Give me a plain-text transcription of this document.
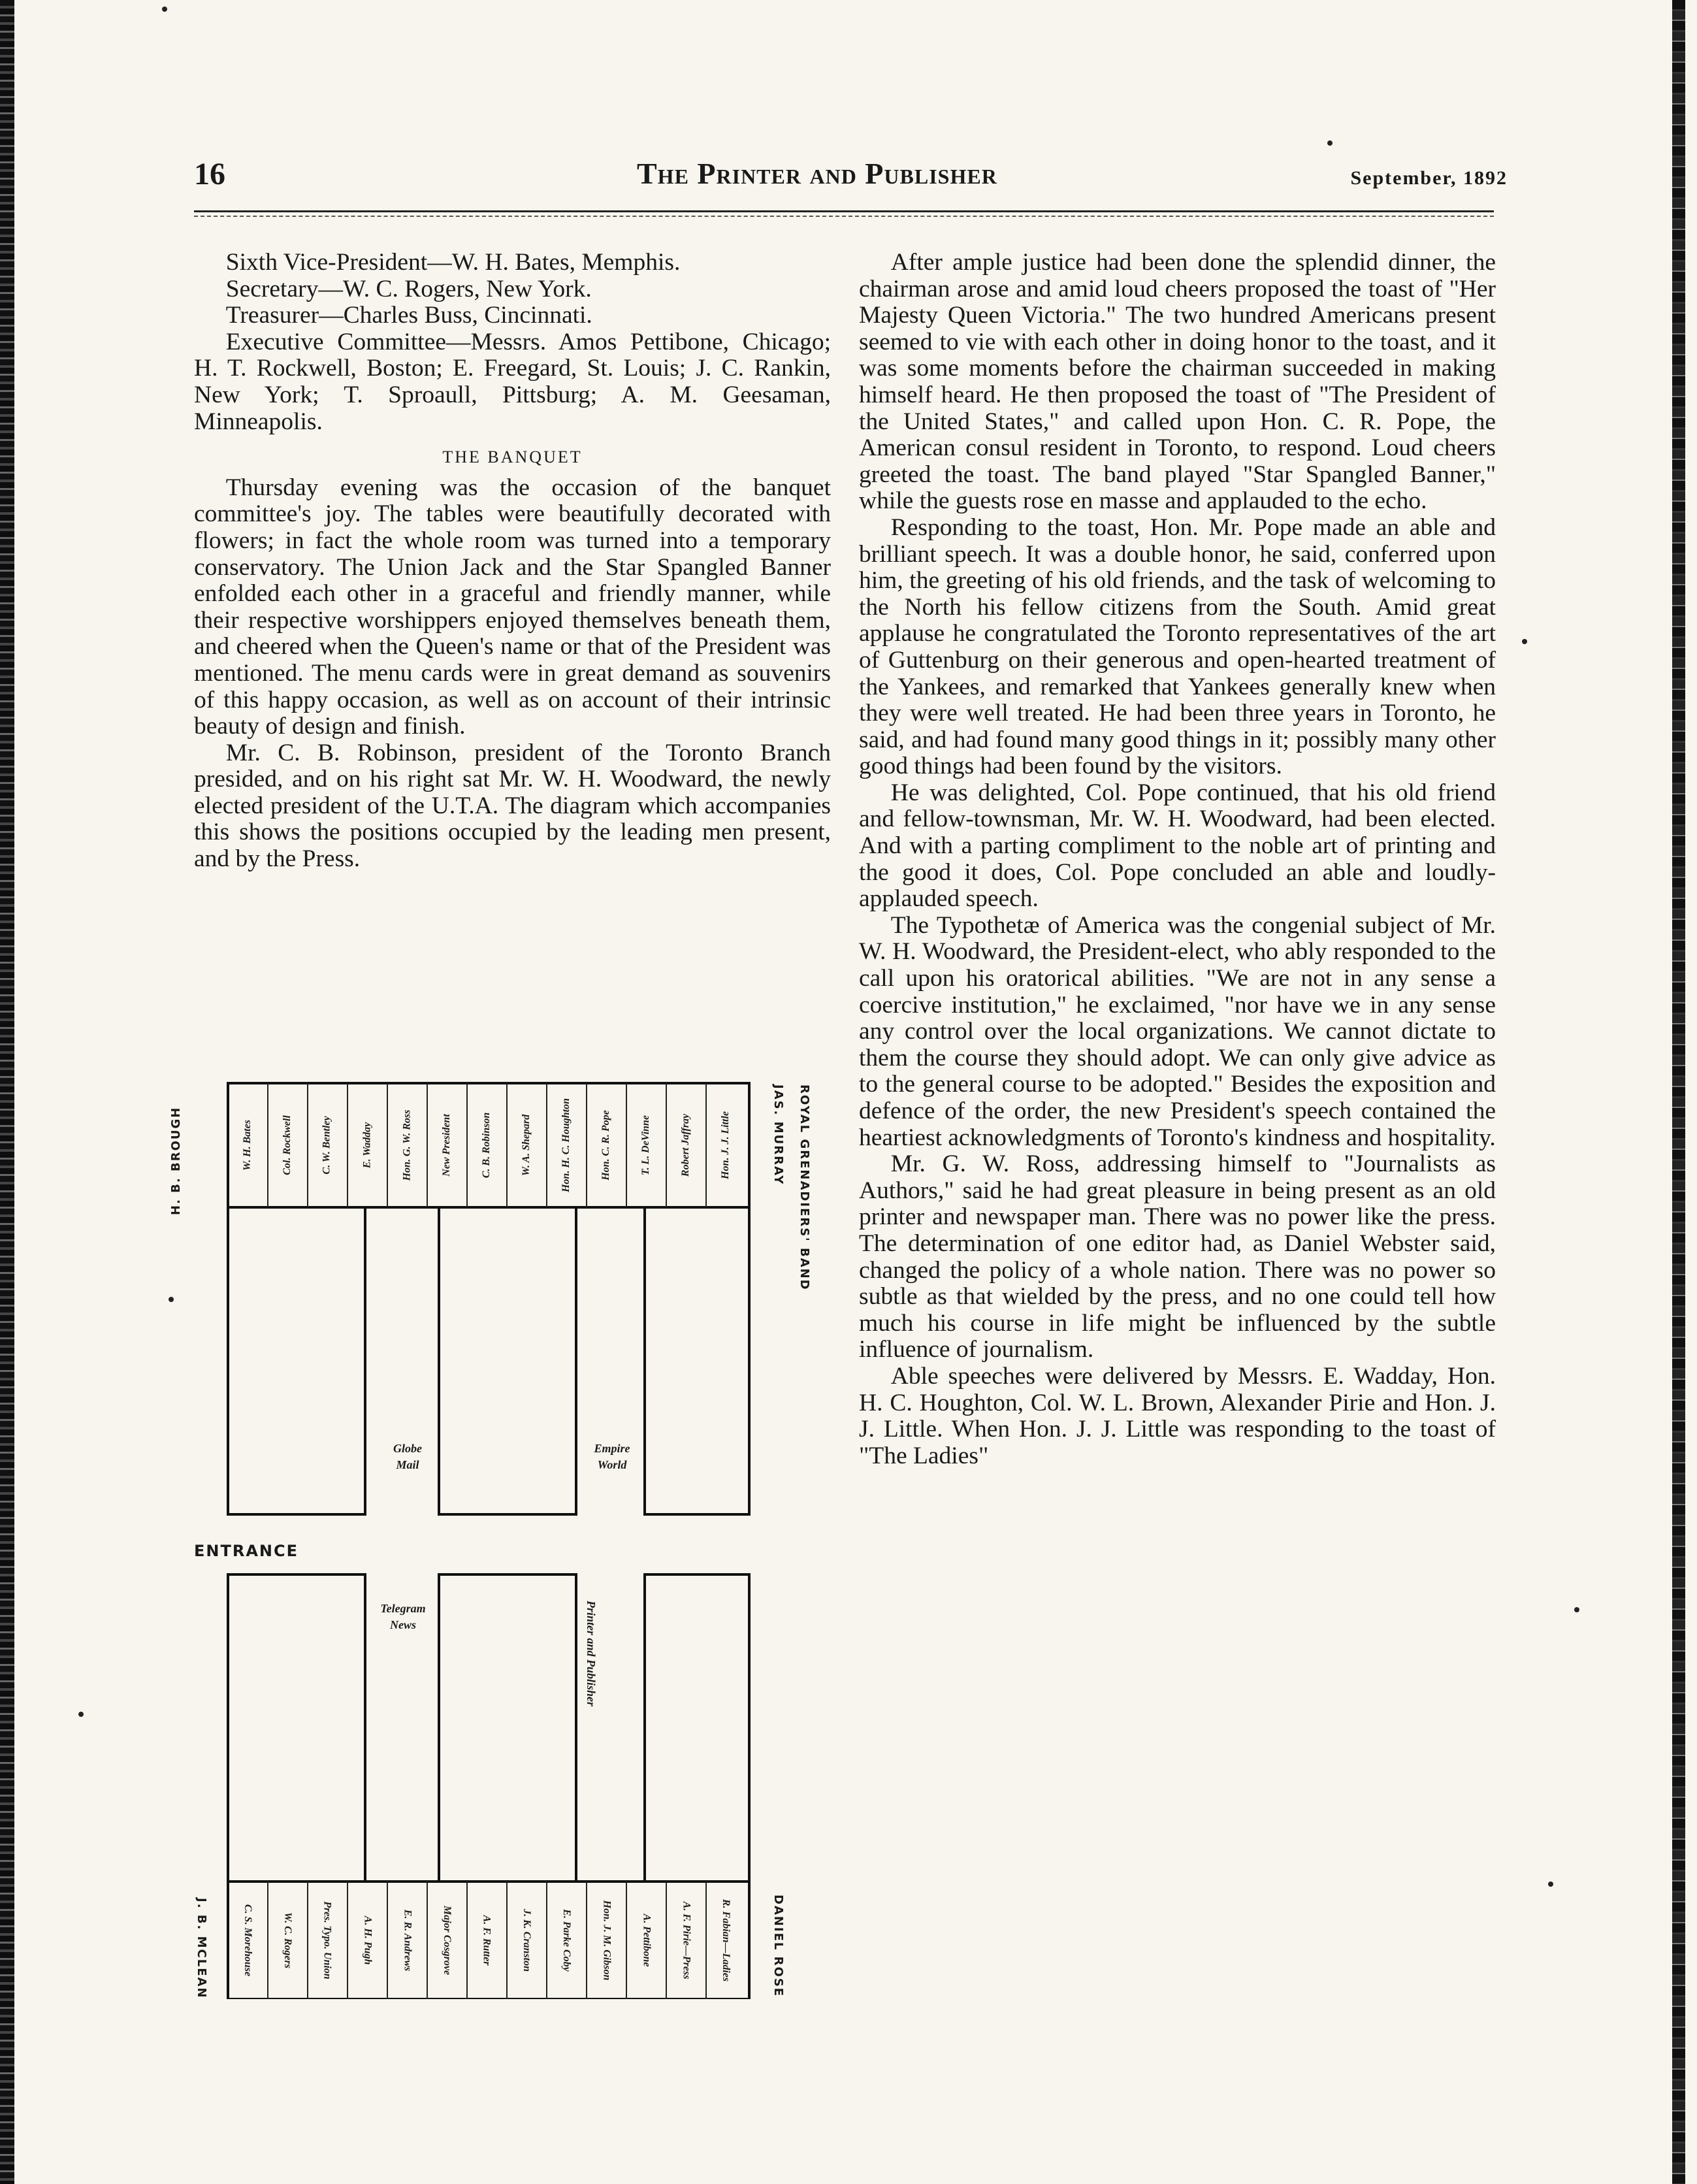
16	The Printer and Publisher	September, 1892

Sixth Vice-President—W. H. Bates, Memphis.

Secretary—W. C. Rogers, New York.

Treasurer—Charles Buss, Cincinnati.

Executive Committee—Messrs. Amos Pettibone, Chicago; H. T. Rockwell, Boston; E. Freegard, St. Louis; J. C. Rankin, New York; T. Sproaull, Pittsburg; A. M. Geesaman, Minneapolis.

THE BANQUET

Thursday evening was the occasion of the banquet committee's joy. The tables were beautifully decorated with flowers; in fact the whole room was turned into a temporary conservatory. The Union Jack and the Star Spangled Banner enfolded each other in a graceful and friendly manner, while their respective worshippers enjoyed themselves beneath them, and cheered when the Queen's name or that of the President was mentioned. The menu cards were in great demand as souvenirs of this happy occasion, as well as on account of their intrinsic beauty of design and finish.

Mr. C. B. Robinson, president of the Toronto Branch presided, and on his right sat Mr. W. H. Woodward, the newly elected president of the U.T.A. The diagram which accompanies this shows the positions occupied by the leading men present, and by the Press.

H. B. BROUGH
J. B. MCLEAN
JAS. MURRAY ROYAL GRENADIERS' BAND
DANIEL ROSE
W. H. Bates	Col. Rockwell	C. W. Bentley	E. Wadday	Hon. G. W. Ross	New President	C. B. Robinson	W. A. Shepard	Hon. H. C. Houghton	Hon. C. R. Pope	T. L. DeVinne	Robert Jaffray	Hon. J. J. Little
C. S. Morehouse	W. C. Rogers	Pres. Typo. Union	A. H. Pugh	E. R. Andrews	Major Cosgrove	A. F. Rutter	J. K. Cranston	E. Parke Coby	Hon. J. M. Gibson	A. Pettibone	A. F. Pirie—Press	R. Fabian—Ladies
Globe
Mail
Empire
World
Telegram
News	Printer and Publisher
ENTRANCE

After ample justice had been done the splendid dinner, the chairman arose and amid loud cheers proposed the toast of "Her Majesty Queen Victoria." The two hundred Americans present seemed to vie with each other in doing honor to the toast, and it was some moments before the chairman succeeded in making himself heard. He then proposed the toast of "The President of the United States," and called upon Hon. C. R. Pope, the American consul resident in Toronto, to respond. Loud cheers greeted the toast. The band played "Star Spangled Banner," while the guests rose en masse and applauded to the echo.

Responding to the toast, Hon. Mr. Pope made an able and brilliant speech. It was a double honor, he said, conferred upon him, the greeting of his old friends, and the task of welcoming to the North his fellow citizens from the South. Amid great applause he congratulated the Toronto representatives of the art of Guttenburg on their generous and open-hearted treatment of the Yankees, and remarked that Yankees generally knew when they were well treated. He had been three years in Toronto, he said, and had found many good things in it; possibly many other good things had been found by the visitors.

He was delighted, Col. Pope continued, that his old friend and fellow-townsman, Mr. W. H. Woodward, had been elected. And with a parting compliment to the noble art of printing and the good it does, Col. Pope concluded an able and loudly-applauded speech.

The Typothetæ of America was the congenial subject of Mr. W. H. Woodward, the President-elect, who ably responded to the call upon his oratorical abilities. "We are not in any sense a coercive institution," he exclaimed, "nor have we in any sense any control over the local organizations. We cannot dictate to them the course they should adopt. We can only give advice as to the general course to be adopted." Besides the exposition and defence of the order, the new President's speech contained the heartiest acknowledgments of Toronto's kindness and hospitality.

Mr. G. W. Ross, addressing himself to "Journalists as Authors," said he had great pleasure in being present as an old printer and newspaper man. There was no power like the press. The determination of one editor had, as Daniel Webster said, changed the policy of a whole nation. There was no power so subtle as that wielded by the press, and no one could tell how much his course in life might be influenced by the subtle influence of journalism.

Able speeches were delivered by Messrs. E. Wadday, Hon. H. C. Houghton, Col. W. L. Brown, Alexander Pirie and Hon. J. J. Little. When Hon. J. J. Little was responding to the toast of "The Ladies"
